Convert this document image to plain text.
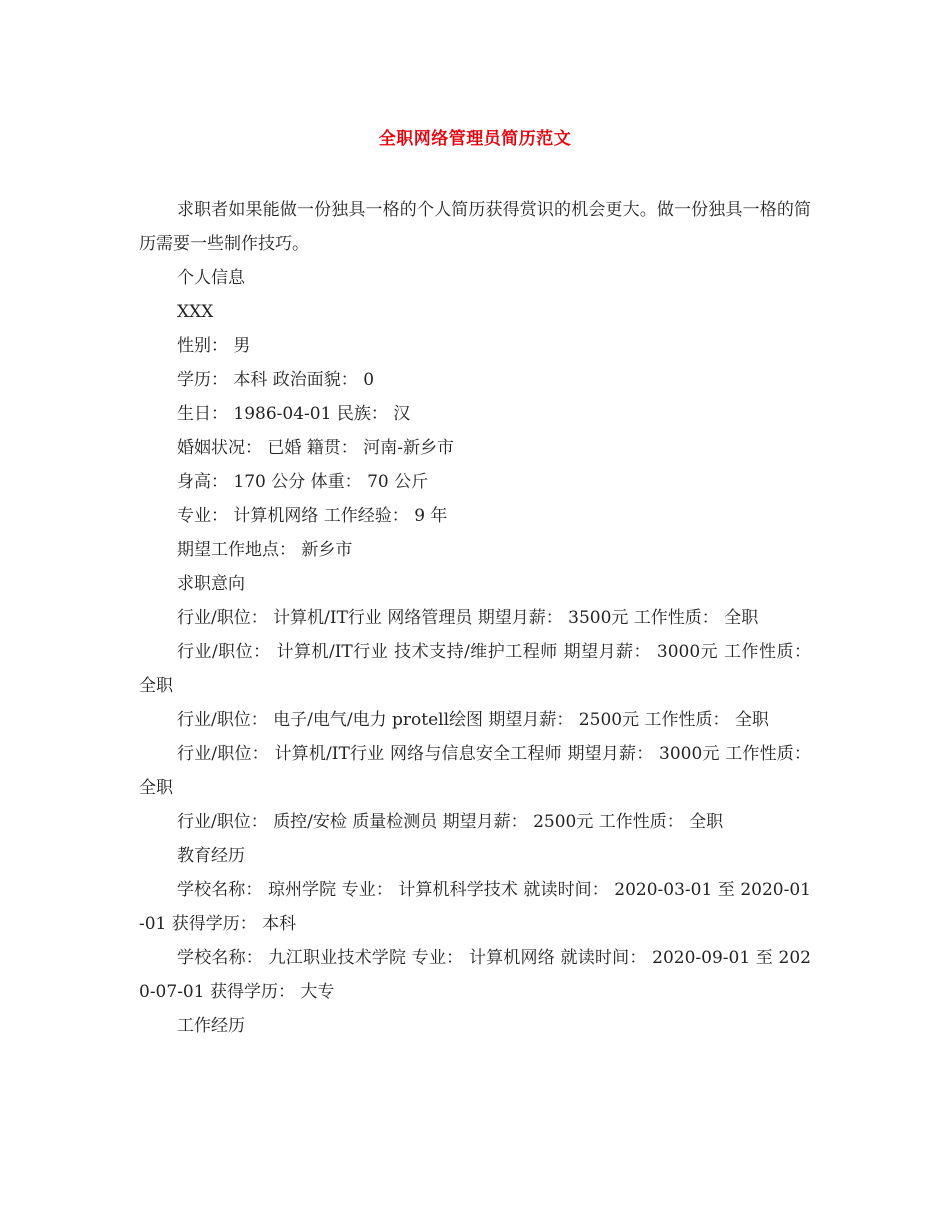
全职网络管理员简历范文

求职者如果能做一份独具一格的个人简历获得赏识的机会更大。做一份独具一格的简历需要一些制作技巧。

个人信息

XXX

性别： 男

学历： 本科 政治面貌： 0

生日： 1986-04-01 民族： 汉

婚姻状况： 已婚 籍贯： 河南-新乡市

身高： 170 公分 体重： 70 公斤

专业： 计算机网络 工作经验： 9 年

期望工作地点： 新乡市

求职意向

行业/职位： 计算机/IT行业 网络管理员 期望月薪： 3500元 工作性质： 全职

行业/职位： 计算机/IT行业 技术支持/维护工程师 期望月薪： 3000元 工作性质： 全职

行业/职位： 电子/电气/电力 protell绘图 期望月薪： 2500元 工作性质： 全职

行业/职位： 计算机/IT行业 网络与信息安全工程师 期望月薪： 3000元 工作性质： 全职

行业/职位： 质控/安检 质量检测员 期望月薪： 2500元 工作性质： 全职

教育经历

学校名称： 琼州学院 专业： 计算机科学技术 就读时间： 2020-03-01 至 2020-01-01 获得学历： 本科

学校名称： 九江职业技术学院 专业： 计算机网络 就读时间： 2020-09-01 至 2020-07-01 获得学历： 大专

工作经历
